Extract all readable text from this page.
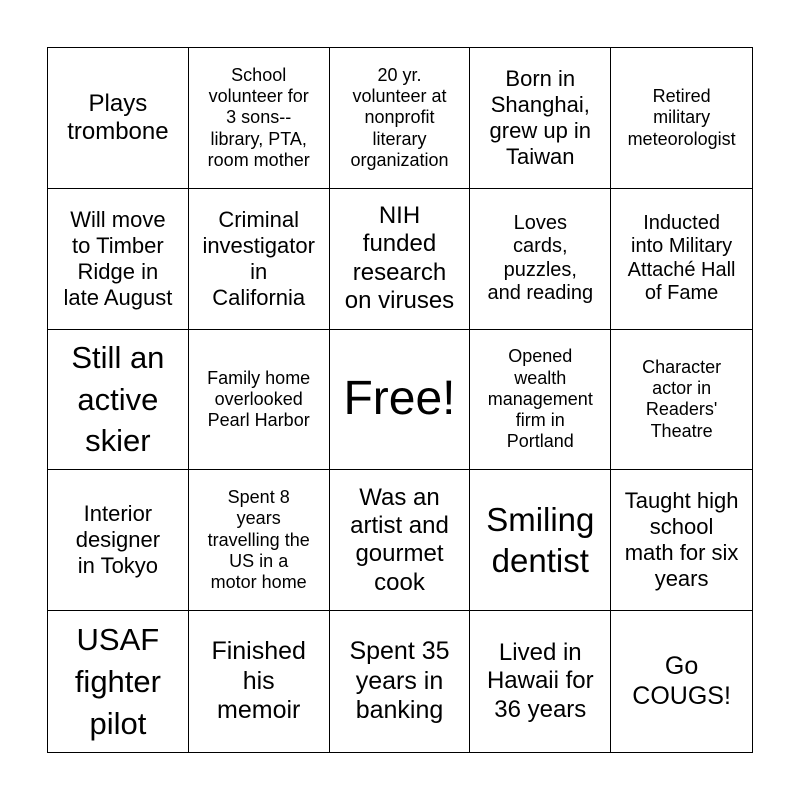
Plays
trombone
School
volunteer for
3 sons--
library, PTA,
room mother
20 yr.
volunteer at
nonprofit
literary
organization
Born in
Shanghai,
grew up in
Taiwan
Retired
military
meteorologist
Will move
to Timber
Ridge in
late August
Criminal
investigator
in
California
NIH
funded
research
on viruses
Loves
cards,
puzzles,
and reading
Inducted
into Military
Attaché Hall
of Fame
Still an
active
skier
Family home
overlooked
Pearl Harbor Free!
Opened
wealth
management
firm in
Portland
Character
actor in
Readers'
Theatre
Interior
designer
in Tokyo
Spent 8
years
travelling the
US in a
motor home
Was an
artist and
gourmet
cook
Smiling
dentist
Taught high
school
math for six
years
USAF
fighter
pilot
Finished
his
memoir
Spent 35
years in
banking
Lived in
Hawaii for
36 years
Go
COUGS!
